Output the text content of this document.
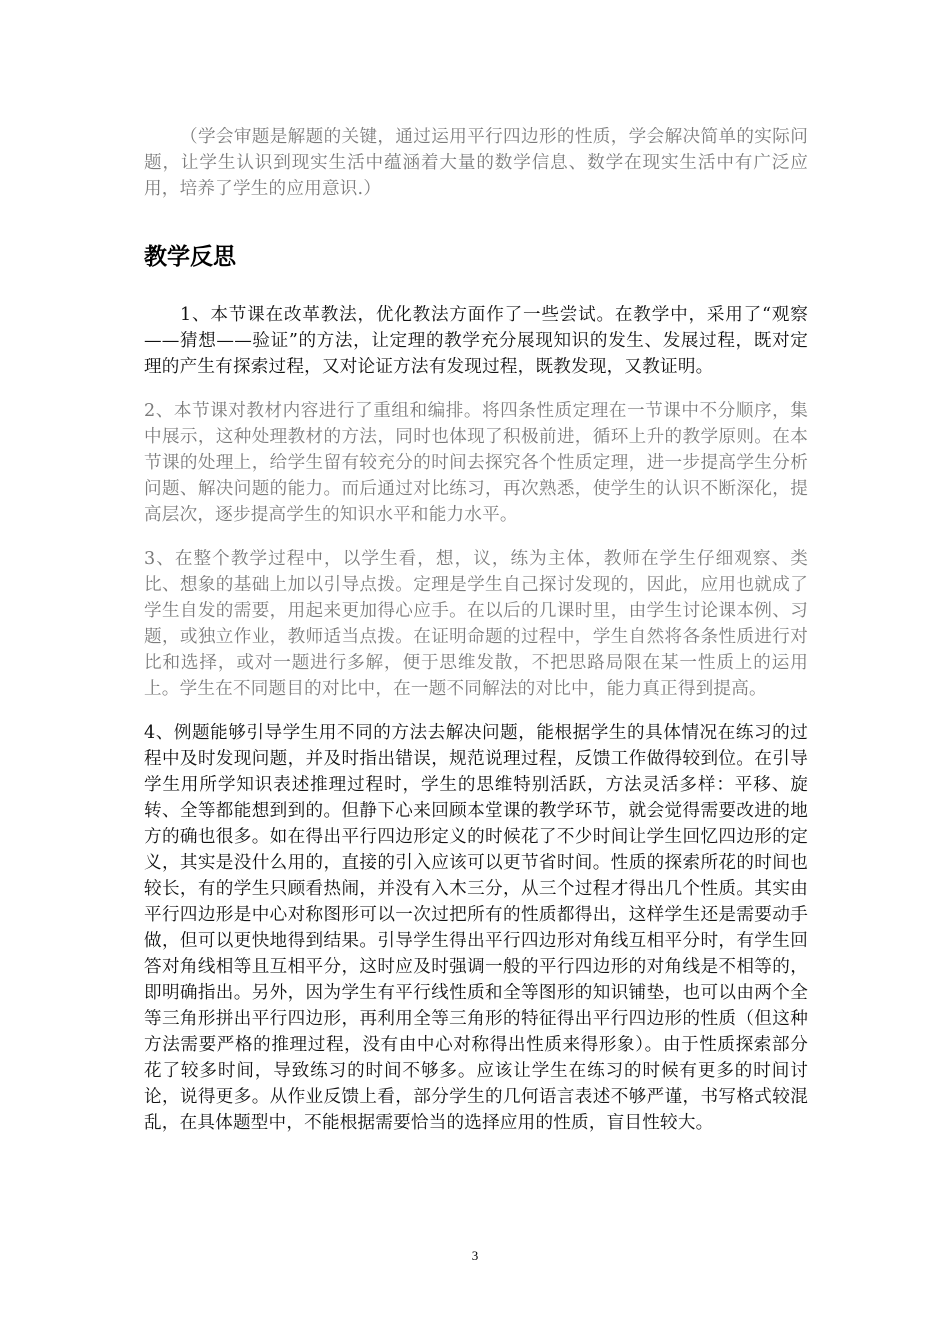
（学会审题是解题的关键，通过运用平行四边形的性质，学会解决简单的实际问题，让学生认识到现实生活中蕴涵着大量的数学信息、数学在现实生活中有广泛应用，培养了学生的应用意识.）

教学反思

1、本节课在改革教法，优化教法方面作了一些尝试。在教学中，采用了“观察——猜想——验证”的方法，让定理的教学充分展现知识的发生、发展过程，既对定理的产生有探索过程，又对论证方法有发现过程，既教发现，又教证明。

2、本节课对教材内容进行了重组和编排。将四条性质定理在一节课中不分顺序，集中展示，这种处理教材的方法，同时也体现了积极前进，循环上升的教学原则。在本节课的处理上，给学生留有较充分的时间去探究各个性质定理，进一步提高学生分析问题、解决问题的能力。而后通过对比练习，再次熟悉，使学生的认识不断深化，提高层次，逐步提高学生的知识水平和能力水平。

3、在整个教学过程中，以学生看，想，议，练为主体，教师在学生仔细观察、类比、想象的基础上加以引导点拨。定理是学生自己探讨发现的，因此，应用也就成了学生自发的需要，用起来更加得心应手。在以后的几课时里，由学生讨论课本例、习题，或独立作业，教师适当点拨。在证明命题的过程中，学生自然将各条性质进行对比和选择，或对一题进行多解，便于思维发散，不把思路局限在某一性质上的运用上。学生在不同题目的对比中，在一题不同解法的对比中，能力真正得到提高。

4、例题能够引导学生用不同的方法去解决问题，能根据学生的具体情况在练习的过程中及时发现问题，并及时指出错误，规范说理过程，反馈工作做得较到位。在引导学生用所学知识表述推理过程时，学生的思维特别活跃，方法灵活多样：平移、旋转、全等都能想到到的。但静下心来回顾本堂课的教学环节，就会觉得需要改进的地方的确也很多。如在得出平行四边形定义的时候花了不少时间让学生回忆四边形的定义，其实是没什么用的，直接的引入应该可以更节省时间。性质的探索所花的时间也较长，有的学生只顾看热闹，并没有入木三分，从三个过程才得出几个性质。其实由平行四边形是中心对称图形可以一次过把所有的性质都得出，这样学生还是需要动手做，但可以更快地得到结果。引导学生得出平行四边形对角线互相平分时，有学生回答对角线相等且互相平分，这时应及时强调一般的平行四边形的对角线是不相等的，即明确指出。另外，因为学生有平行线性质和全等图形的知识铺垫，也可以由两个全等三角形拼出平行四边形，再利用全等三角形的特征得出平行四边形的性质（但这种方法需要严格的推理过程，没有由中心对称得出性质来得形象）。由于性质探索部分花了较多时间，导致练习的时间不够多。应该让学生在练习的时候有更多的时间讨论，说得更多。从作业反馈上看，部分学生的几何语言表述不够严谨，书写格式较混乱，在具体题型中，不能根据需要恰当的选择应用的性质，盲目性较大。

3
